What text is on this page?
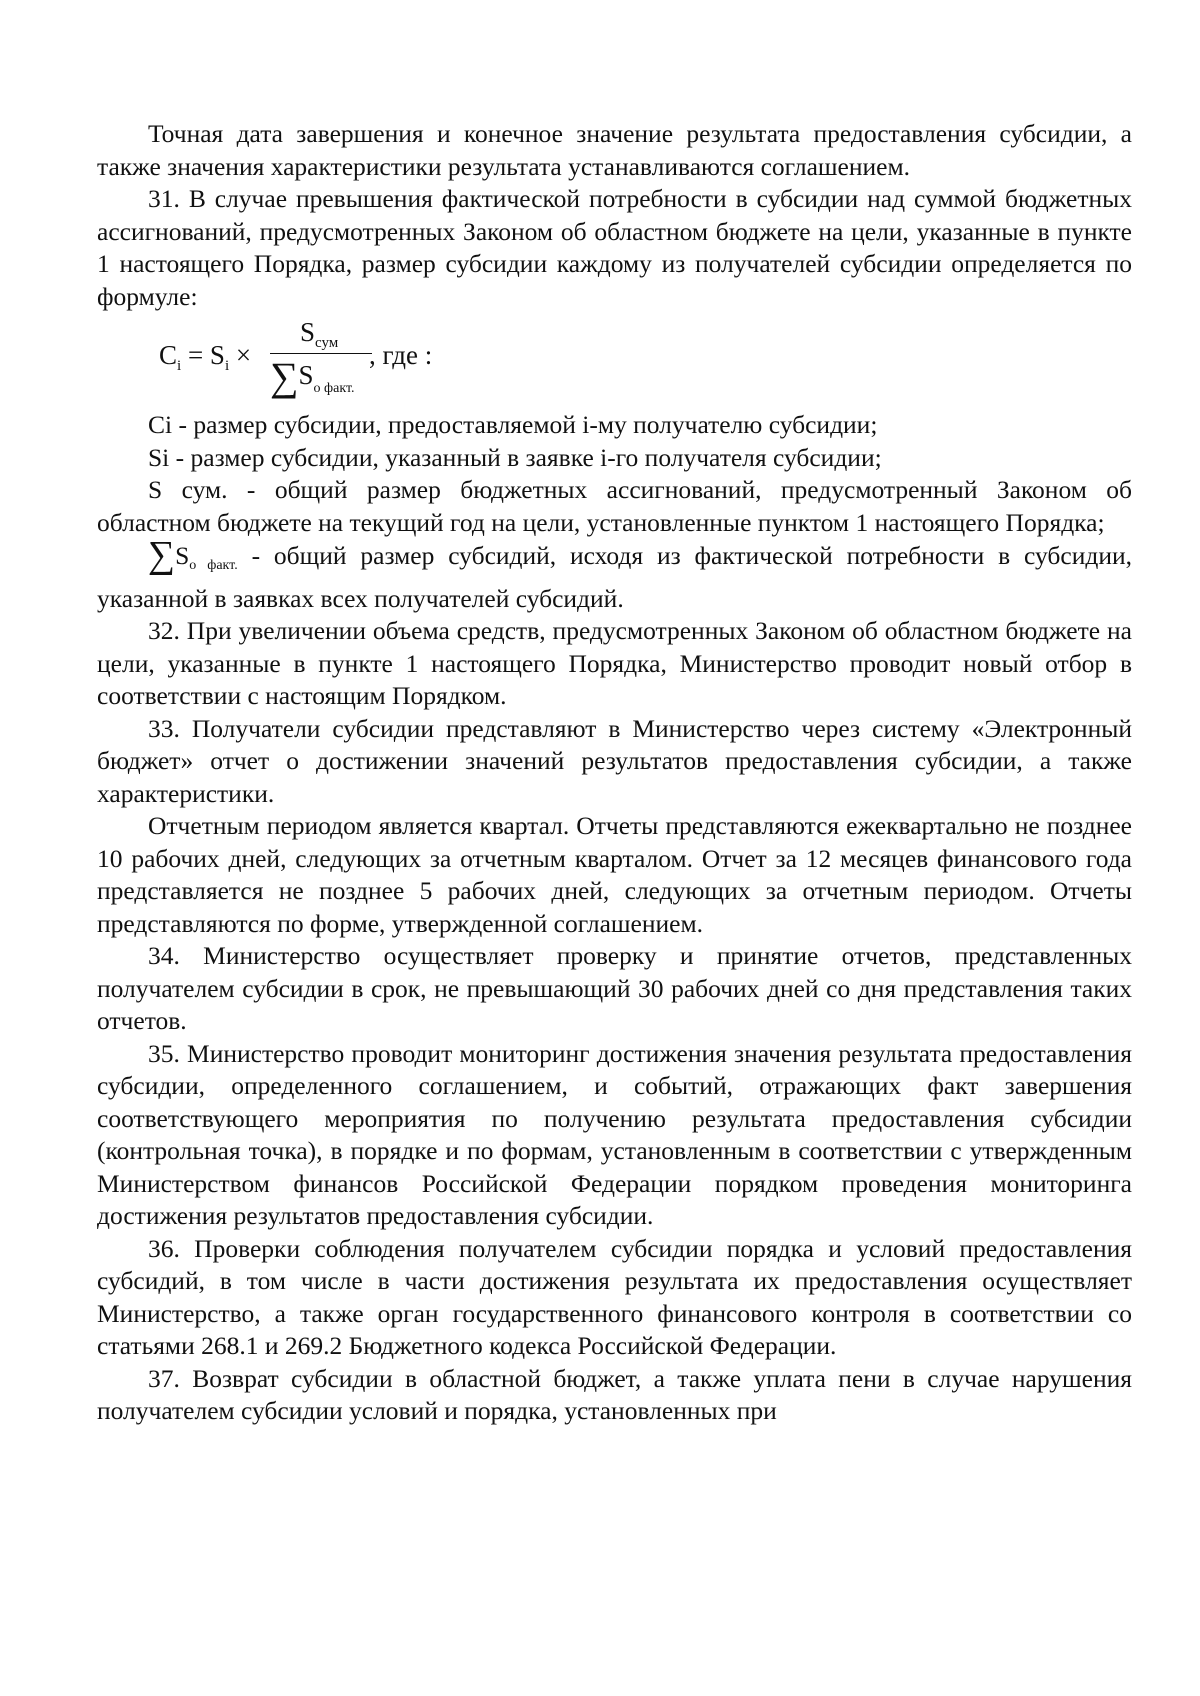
Точная дата завершения и конечное значение результата предоставления субсидии, а также значения характеристики результата устанавливаются соглашением.

31. В случае превышения фактической потребности в субсидии над суммой бюджетных ассигнований, предусмотренных Законом об областном бюджете на цели, указанные в пункте 1 настоящего Порядка, размер субсидии каждому из получателей субсидии определяется по формуле:

$C_i = S_i$ ×
$S_{сум}$
$\sum S_{о факт.}$
, где :

Ci - размер субсидии, предоставляемой i-му получателю субсидии;

Si - размер субсидии, указанный в заявке i-го получателя субсидии;

S сум. - общий размер бюджетных ассигнований, предусмотренный Законом об областном бюджете на текущий год на цели, установленные пунктом 1 настоящего Порядка;

∑Sо факт. - общий размер субсидий, исходя из фактической потребности в субсидии, указанной в заявках всех получателей субсидий.

32. При увеличении объема средств, предусмотренных Законом об областном бюджете на цели, указанные в пункте 1 настоящего Порядка, Министерство проводит новый отбор в соответствии с настоящим Порядком.

33. Получатели субсидии представляют в Министерство через систему «Электронный бюджет» отчет о достижении значений результатов предоставления субсидии, а также характеристики.

Отчетным периодом является квартал. Отчеты представляются ежеквартально не позднее 10 рабочих дней, следующих за отчетным кварталом. Отчет за 12 месяцев финансового года представляется не позднее 5 рабочих дней, следующих за отчетным периодом. Отчеты представляются по форме, утвержденной соглашением.

34. Министерство осуществляет проверку и принятие отчетов, представленных получателем субсидии в срок, не превышающий 30 рабочих дней со дня представления таких отчетов.

35. Министерство проводит мониторинг достижения значения результата предоставления субсидии, определенного соглашением, и событий, отражающих факт завершения соответствующего мероприятия по получению результата предоставления субсидии (контрольная точка), в порядке и по формам, установленным в соответствии с утвержденным Министерством финансов Российской Федерации порядком проведения мониторинга достижения результатов предоставления субсидии.

36. Проверки соблюдения получателем субсидии порядка и условий предоставления субсидий, в том числе в части достижения результата их предоставления осуществляет Министерство, а также орган государственного финансового контроля в соответствии со статьями 268.1 и 269.2 Бюджетного кодекса Российской Федерации.

37. Возврат субсидии в областной бюджет, а также уплата пени в случае нарушения получателем субсидии условий и порядка, установленных при
